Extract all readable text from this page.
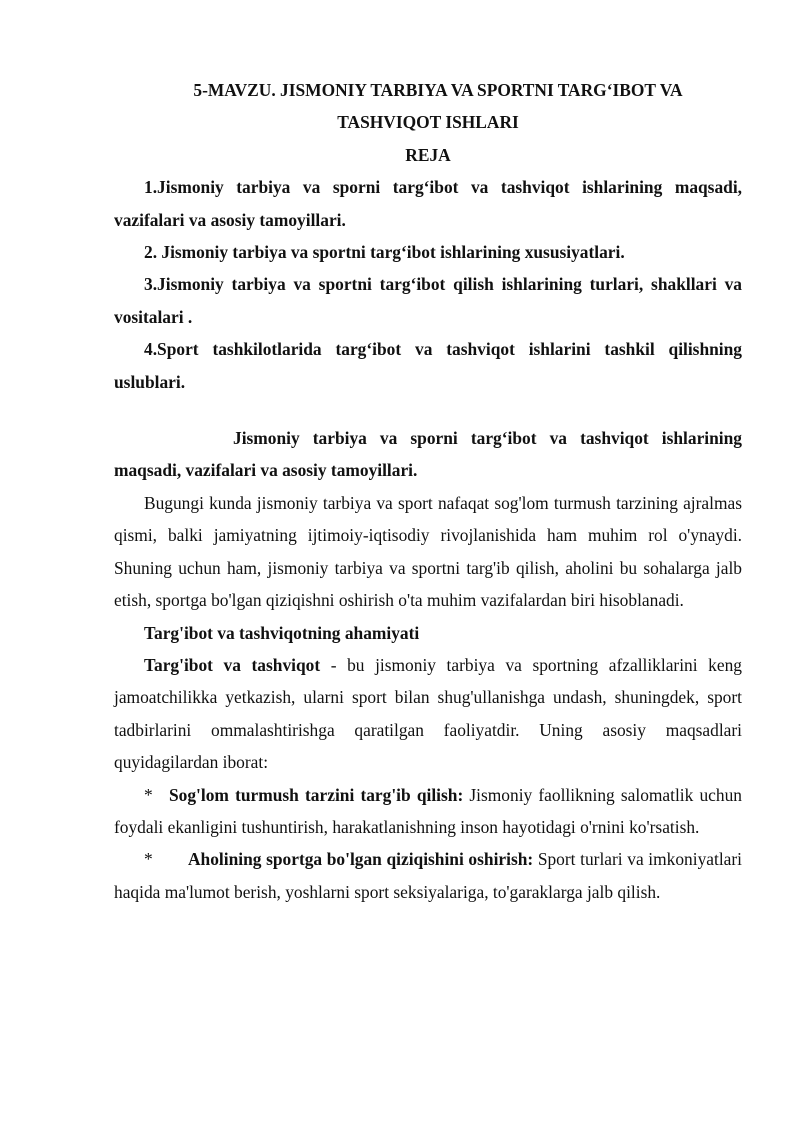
5-MAVZU. JISMONIY TARBIYA VA SPORTNI TARG‘IBOT VA

TASHVIQOT ISHLARI

REJA

1.Jismoniy tarbiya va sporni targ‘ibot va tashviqot ishlarining maqsadi, vazifalari va asosiy tamoyillari.

2. Jismoniy tarbiya va sportni targ‘ibot ishlarining xususiyatlari.

3.Jismoniy tarbiya va sportni targ‘ibot qilish ishlarining turlari, shakllari va vositalari .

4.Sport tashkilotlarida targ‘ibot va tashviqot ishlarini tashkil qilishning uslublari.

Jismoniy tarbiya va sporni targ‘ibot va tashviqot ishlarining maqsadi, vazifalari va asosiy tamoyillari.

Bugungi kunda jismoniy tarbiya va sport nafaqat sog'lom turmush tarzining ajralmas qismi, balki jamiyatning ijtimoiy-iqtisodiy rivojlanishida ham muhim rol o'ynaydi. Shuning uchun ham, jismoniy tarbiya va sportni targ'ib qilish, aholini bu sohalarga jalb etish, sportga bo'lgan qiziqishni oshirish o'ta muhim vazifalardan biri hisoblanadi.

Targ'ibot va tashviqotning ahamiyati

Targ'ibot va tashviqot - bu jismoniy tarbiya va sportning afzalliklarini keng jamoatchilikka yetkazish, ularni sport bilan shug'ullanishga undash, shuningdek, sport tadbirlarini ommalashtirishga qaratilgan faoliyatdir. Uning asosiy maqsadlari quyidagilardan iborat:

* Sog'lom turmush tarzini targ'ib qilish: Jismoniy faollikning salomatlik uchun foydali ekanligini tushuntirish, harakatlanishning inson hayotidagi o'rnini ko'rsatish.

* Aholining sportga bo'lgan qiziqishini oshirish: Sport turlari va imkoniyatlari haqida ma'lumot berish, yoshlarni sport seksiyalariga, to'garaklarga jalb qilish.
